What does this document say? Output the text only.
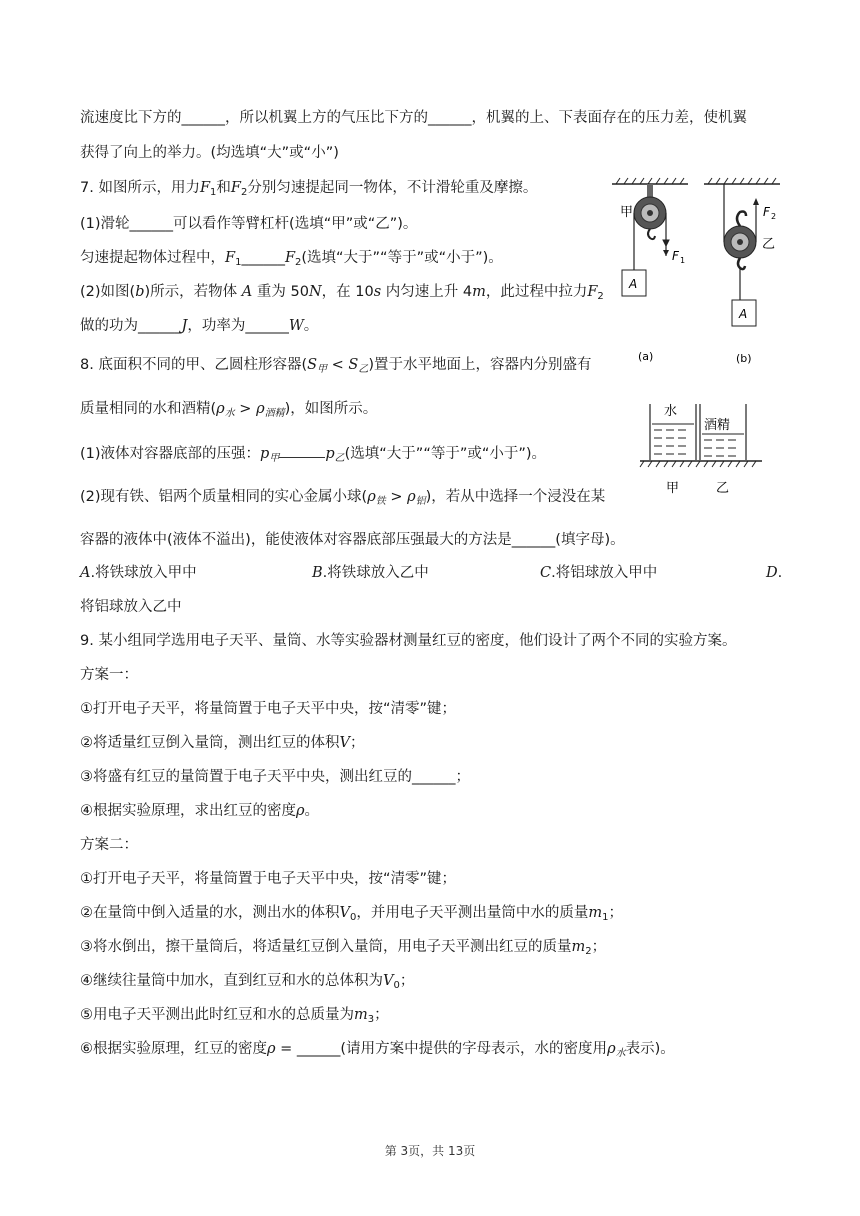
流速度比下方的______，所以机翼上方的气压比下方的______，机翼的上、下表面存在的压力差，使机翼
获得了向上的举力。(均选填“大”或“小”)
7. 如图所示，用力$F_1$和$F_2$分别匀速提起同一物体，不计滑轮重及摩擦。
(1)滑轮______可以看作等臂杠杆(选填“甲”或“乙”)。
匀速提起物体过程中，$F_1\_\_\_\_\_\_F_2$(选填“大于”“等于”或“小于”)。
(2)如图(b)所示，若物体 A 重为 50N，在 10s 内匀速上升 4m，此过程中拉力$F_2$
做的功为______J，功率为______W。
A
甲
F 1
(a)
A
乙
F 2
(b)
8. 底面积不同的甲、乙圆柱形容器$(S_甲 < S_乙)$置于水平地面上，容器内分别盛有
质量相同的水和酒精$(\rho_水 > \rho_{酒精})$，如图所示。
(1)液体对容器底部的压强：$p_甲$	$p_乙$(选填“大于”“等于”或“小于”)。
(2)现有铁、铝两个质量相同的实心金属小球$(\rho_铁 > \rho_铝)$，若从中选择一个浸没在某
容器的液体中(液体不溢出)，能使液体对容器底部压强最大的方法是______(填字母)。
A.将铁球放入甲中	B.将铁球放入乙中	C.将铝球放入甲中	D.
将铝球放入乙中
水
酒精
甲	乙
9. 某小组同学选用电子天平、量筒、水等实验器材测量红豆的密度，他们设计了两个不同的实验方案。
方案一：
①打开电子天平，将量筒置于电子天平中央，按“清零”键；
②将适量红豆倒入量筒，测出红豆的体积V；
③将盛有红豆的量筒置于电子天平中央，测出红豆的______；
④根据实验原理，求出红豆的密度ρ。
方案二：
①打开电子天平，将量筒置于电子天平中央，按“清零”键；
②在量筒中倒入适量的水，测出水的体积$V_0$，并用电子天平测出量筒中水的质量$m_1$；
③将水倒出，擦干量筒后，将适量红豆倒入量筒，用电子天平测出红豆的质量$m_2$；
④继续往量筒中加水，直到红豆和水的总体积为$V_0$；
⑤用电子天平测出此时红豆和水的总质量为$m_3$；
⑥根据实验原理，红豆的密度ρ = ______(请用方案中提供的字母表示，水的密度用$\rho_水$表示)。
第 3页，共 13页
